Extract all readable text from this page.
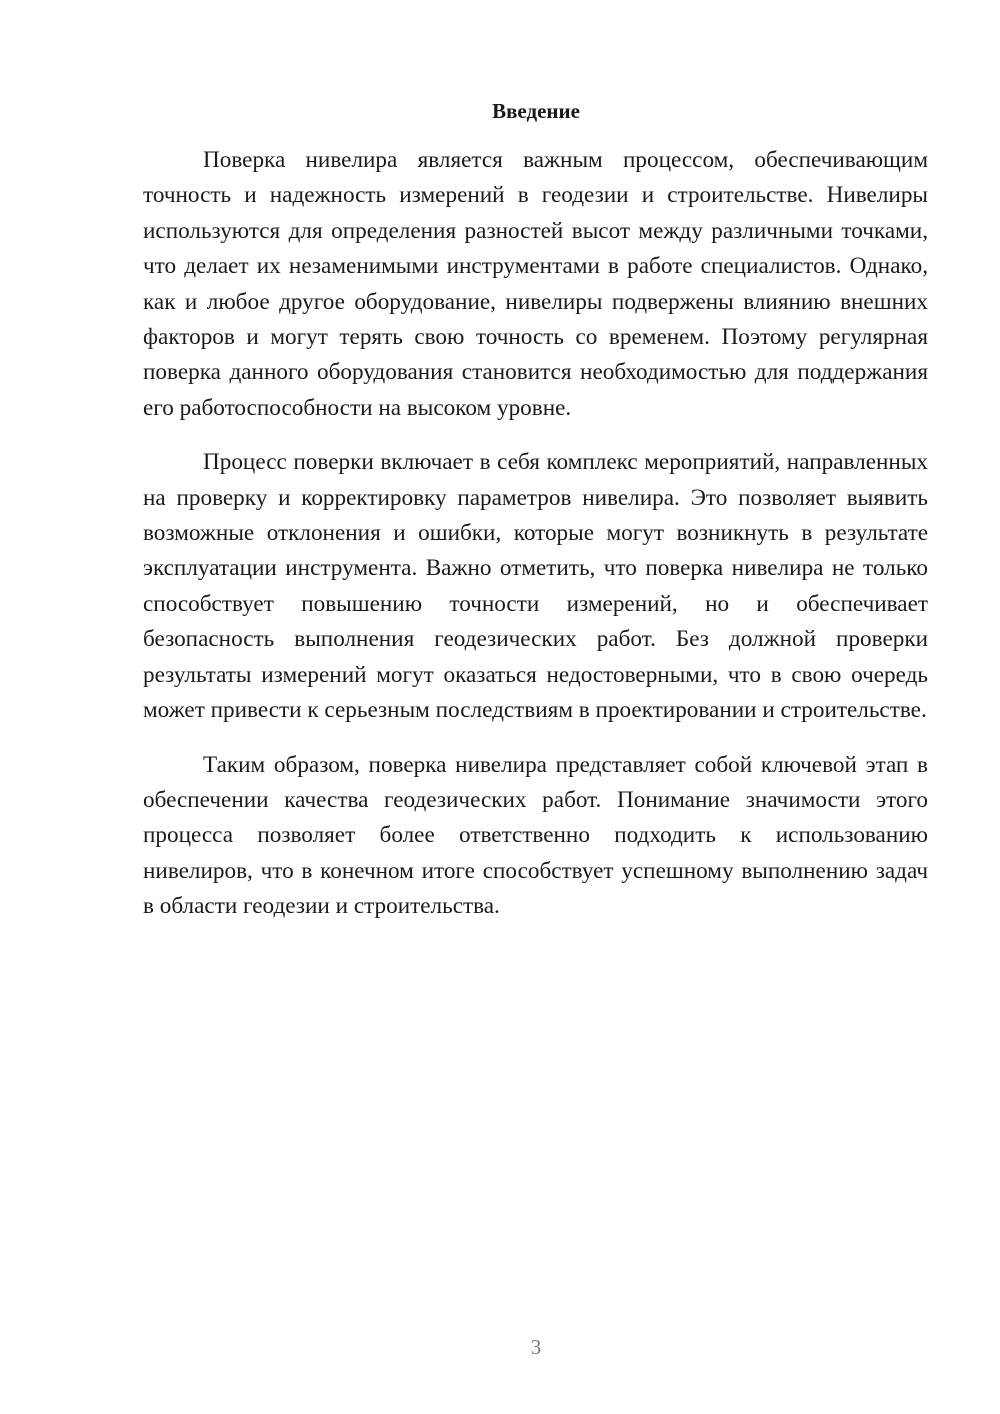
Введение

Поверка нивелира является важным процессом, обеспечивающим точность и надежность измерений в геодезии и строительстве. Нивелиры используются для определения разностей высот между различными точками, что делает их незаменимыми инструментами в работе специалистов. Однако, как и любое другое оборудование, нивелиры подвержены влиянию внешних факторов и могут терять свою точность со временем. Поэтому регулярная поверка данного оборудования становится необходимостью для поддержания его работоспособности на высоком уровне.

Процесс поверки включает в себя комплекс мероприятий, направленных на проверку и корректировку параметров нивелира. Это позволяет выявить возможные отклонения и ошибки, которые могут возникнуть в результате эксплуатации инструмента. Важно отметить, что поверка нивелира не только способствует повышению точности измерений, но и обеспечивает безопасность выполнения геодезических работ. Без должной проверки результаты измерений могут оказаться недостоверными, что в свою очередь может привести к серьезным последствиям в проектировании и строительстве.

Таким образом, поверка нивелира представляет собой ключевой этап в обеспечении качества геодезических работ. Понимание значимости этого процесса позволяет более ответственно подходить к использованию нивелиров, что в конечном итоге способствует успешному выполнению задач в области геодезии и строительства.

3
